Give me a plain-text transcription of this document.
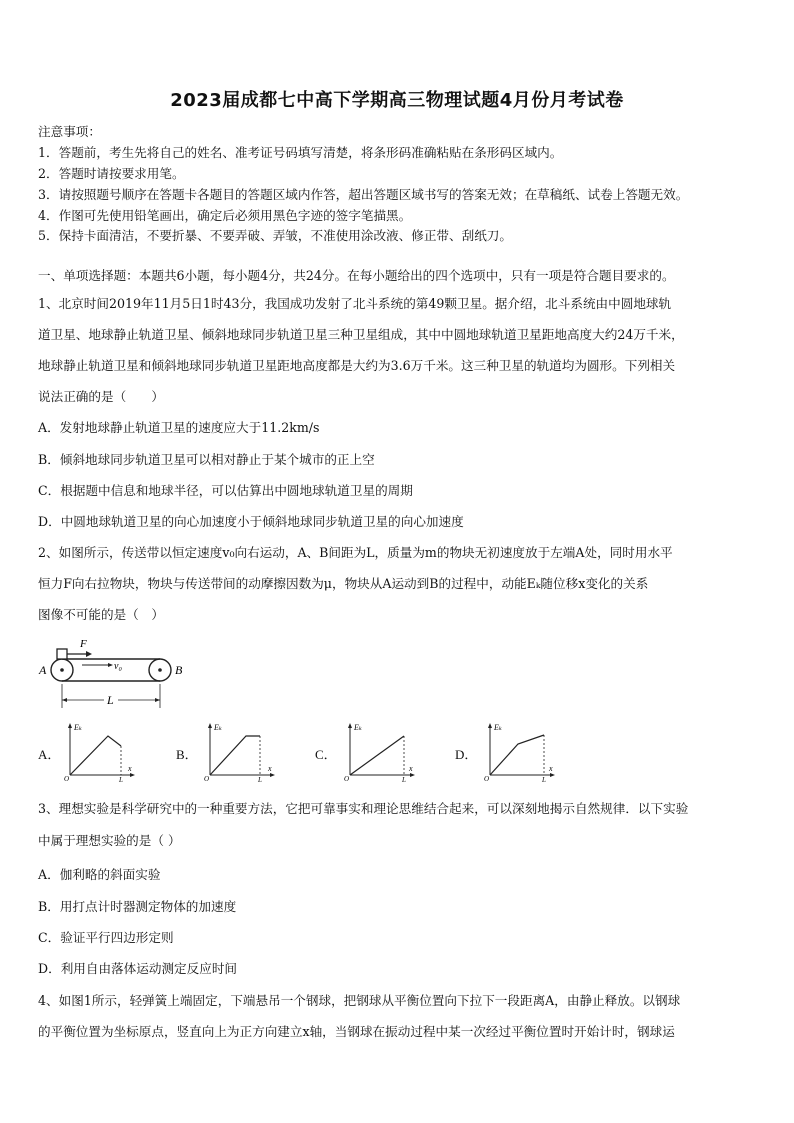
2023届成都七中高下学期高三物理试题4月份月考试卷
注意事项：
1．答题前，考生先将自己的姓名、准考证号码填写清楚，将条形码准确粘贴在条形码区域内。
2．答题时请按要求用笔。
3．请按照题号顺序在答题卡各题目的答题区域内作答，超出答题区域书写的答案无效；在草稿纸、试卷上答题无效。
4．作图可先使用铅笔画出，确定后必须用黑色字迹的签字笔描黑。
5．保持卡面清洁，不要折暴、不要弄破、弄皱，不准使用涂改液、修正带、刮纸刀。
一、单项选择题：本题共6小题，每小题4分，共24分。在每小题给出的四个选项中，只有一项是符合题目要求的。
1、北京时间2019年11月5日1时43分，我国成功发射了北斗系统的第49颗卫星。据介绍，北斗系统由中圆地球轨
道卫星、地球静止轨道卫星、倾斜地球同步轨道卫星三种卫星组成，其中中圆地球轨道卫星距地高度大约24万千米，
地球静止轨道卫星和倾斜地球同步轨道卫星距地高度都是大约为3.6万千米。这三种卫星的轨道均为圆形。下列相关
说法正确的是（　　）
A．发射地球静止轨道卫星的速度应大于11.2km/s
B．倾斜地球同步轨道卫星可以相对静止于某个城市的正上空
C．根据题中信息和地球半径，可以估算出中圆地球轨道卫星的周期
D．中圆地球轨道卫星的向心加速度小于倾斜地球同步轨道卫星的向心加速度
2、如图所示，传送带以恒定速度v₀向右运动，A、B间距为L，质量为m的物块无初速度放于左端A处，同时用水平
恒力F向右拉物块，物块与传送带间的动摩擦因数为μ，物块从A运动到B的过程中，动能Eₖ随位移x变化的关系
图像不可能的是（　）
F
v₀
A	B
L
A．
Eₖ
O	L
x
B．
Eₖ
O	L
x
C．
Eₖ
O	L
x
D．
Eₖ
O	L
x
3、理想实验是科学研究中的一种重要方法，它把可靠事实和理论思维结合起来，可以深刻地揭示自然规律．以下实验
中属于理想实验的是（ ）
A．伽利略的斜面实验
B．用打点计时器测定物体的加速度
C．验证平行四边形定则
D．利用自由落体运动测定反应时间
4、如图1所示，轻弹簧上端固定，下端悬吊一个钢球，把钢球从平衡位置向下拉下一段距离A，由静止释放。以钢球
的平衡位置为坐标原点，竖直向上为正方向建立x轴，当钢球在振动过程中某一次经过平衡位置时开始计时，钢球运
